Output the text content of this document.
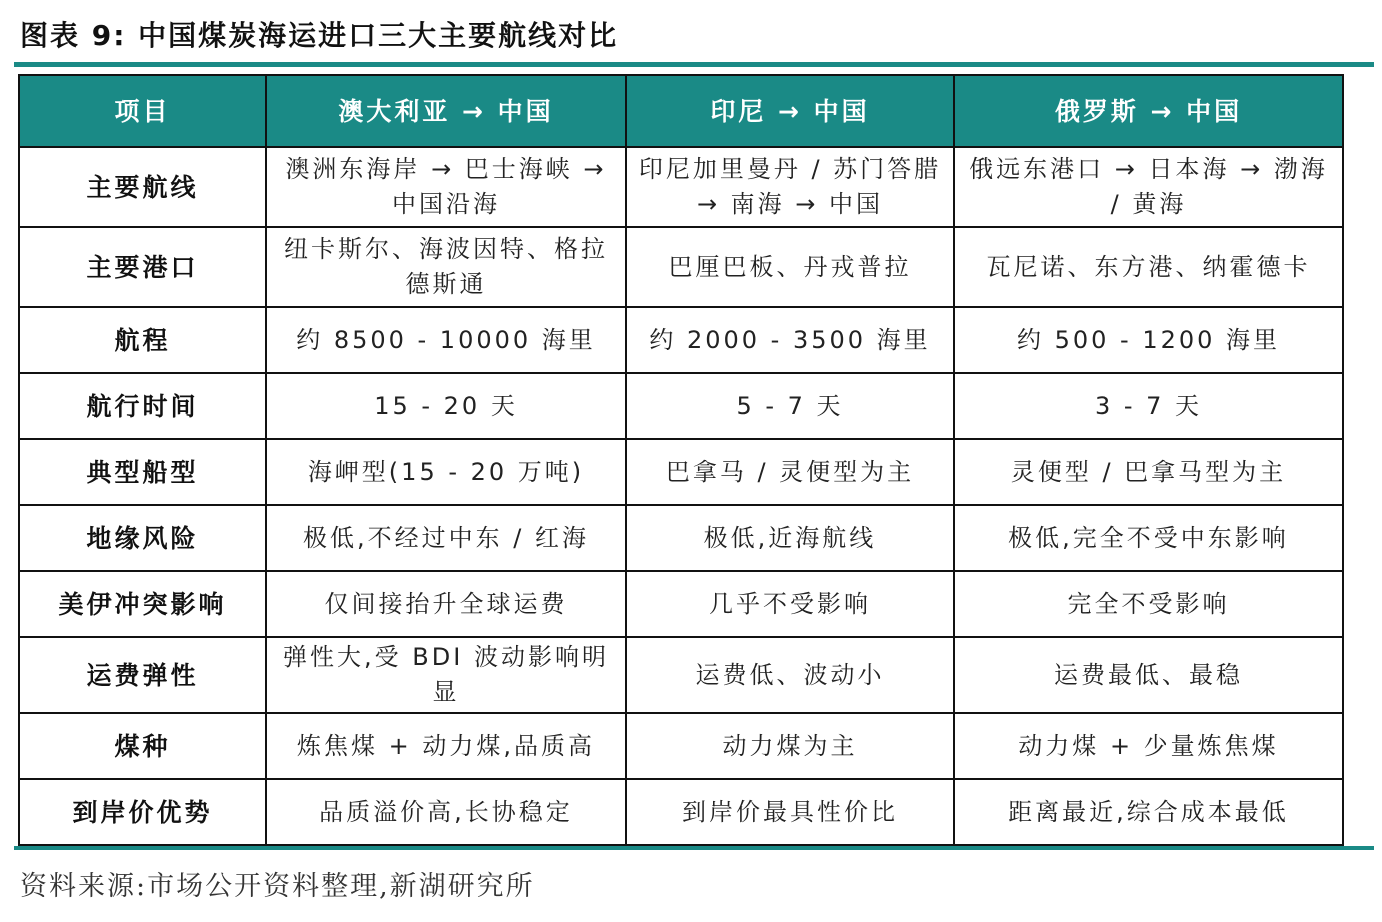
图表 9: 中国煤炭海运进口三大主要航线对比
项目	澳大利亚 → 中国	印尼 → 中国	俄罗斯 → 中国
主要航线	澳洲东海岸 → 巴士海峡 → 中国沿海	印尼加里曼丹 / 苏门答腊 → 南海 → 中国	俄远东港口 → 日本海 → 渤海 / 黄海
主要港口	纽卡斯尔、海波因特、格拉德斯通	巴厘巴板、丹戎普拉	瓦尼诺、东方港、纳霍德卡
航程	约 8500 - 10000 海里	约 2000 - 3500 海里	约 500 - 1200 海里
航行时间	15 - 20 天	5 - 7 天	3 - 7 天
典型船型	海岬型(15 - 20 万吨)	巴拿马 / 灵便型为主	灵便型 / 巴拿马型为主
地缘风险	极低,不经过中东 / 红海	极低,近海航线	极低,完全不受中东影响
美伊冲突影响	仅间接抬升全球运费	几乎不受影响	完全不受影响
运费弹性	弹性大,受 BDI 波动影响明显	运费低、波动小	运费最低、最稳
煤种	炼焦煤 + 动力煤,品质高	动力煤为主	动力煤 + 少量炼焦煤
到岸价优势	品质溢价高,长协稳定	到岸价最具性价比	距离最近,综合成本最低
资料来源:市场公开资料整理,新湖研究所
